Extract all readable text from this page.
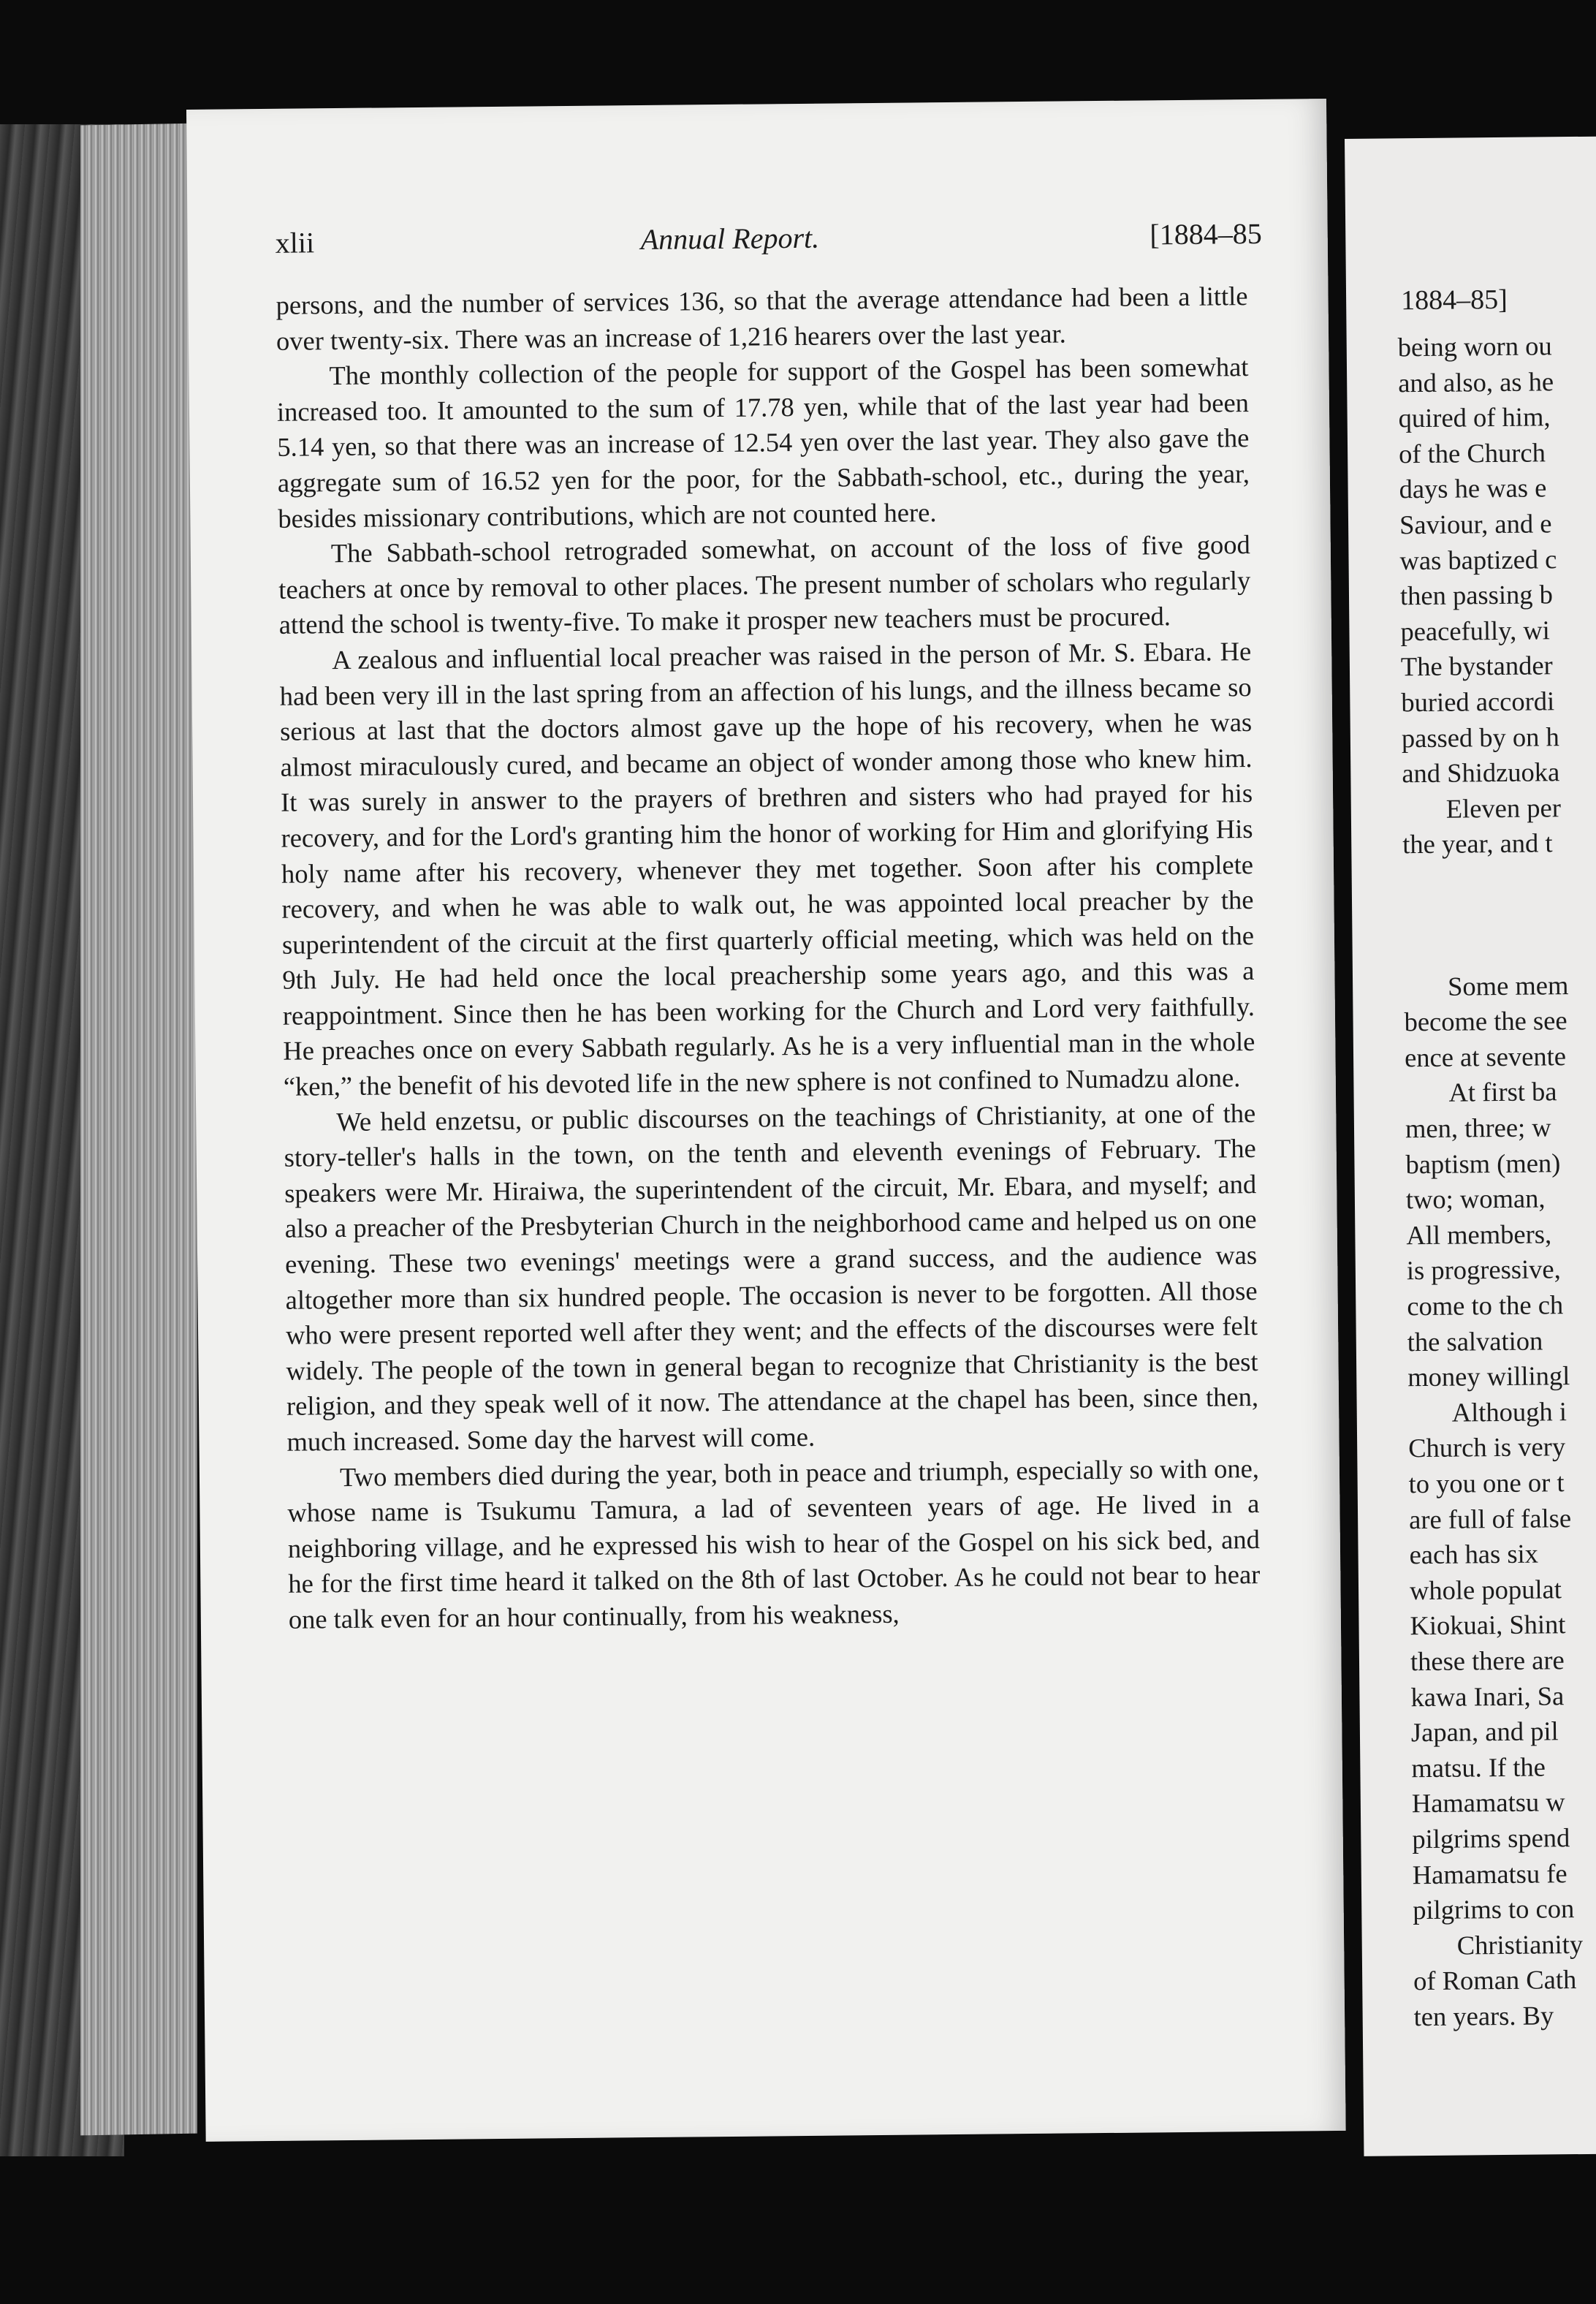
xlii	Annual Report.	[1884–85

persons, and the number of services 136, so that the average attendance had been a little over twenty-six. There was an increase of 1,216 hearers over the last year.

The monthly collection of the people for support of the Gospel has been somewhat increased too. It amounted to the sum of 17.78 yen, while that of the last year had been 5.14 yen, so that there was an increase of 12.54 yen over the last year. They also gave the aggregate sum of 16.52 yen for the poor, for the Sabbath-school, etc., during the year, besides missionary contributions, which are not counted here.

The Sabbath-school retrograded somewhat, on account of the loss of five good teachers at once by removal to other places. The present number of scholars who regularly attend the school is twenty-five. To make it prosper new teachers must be procured.

A zealous and influential local preacher was raised in the person of Mr. S. Ebara. He had been very ill in the last spring from an affection of his lungs, and the illness became so serious at last that the doctors almost gave up the hope of his recovery, when he was almost miraculously cured, and became an object of wonder among those who knew him. It was surely in answer to the prayers of brethren and sisters who had prayed for his recovery, and for the Lord's granting him the honor of working for Him and glorifying His holy name after his recovery, whenever they met together. Soon after his complete recovery, and when he was able to walk out, he was appointed local preacher by the superintendent of the circuit at the first quarterly official meeting, which was held on the 9th July. He had held once the local preachership some years ago, and this was a reappointment. Since then he has been working for the Church and Lord very faithfully. He preaches once on every Sabbath regularly. As he is a very influential man in the whole “ken,” the benefit of his devoted life in the new sphere is not confined to Numadzu alone.

We held enzetsu, or public discourses on the teachings of Christianity, at one of the story-teller's halls in the town, on the tenth and eleventh evenings of February. The speakers were Mr. Hiraiwa, the superintendent of the circuit, Mr. Ebara, and myself; and also a preacher of the Presbyterian Church in the neighborhood came and helped us on one evening. These two evenings' meetings were a grand success, and the audience was altogether more than six hundred people. The occasion is never to be forgotten. All those who were present reported well after they went; and the effects of the discourses were felt widely. The people of the town in general began to recognize that Christianity is the best religion, and they speak well of it now. The attendance at the chapel has been, since then, much increased. Some day the harvest will come.

Two members died during the year, both in peace and triumph, especially so with one, whose name is Tsukumu Tamura, a lad of seventeen years of age. He lived in a neighboring village, and he expressed his wish to hear of the Gospel on his sick bed, and he for the first time heard it talked on the 8th of last October. As he could not bear to hear one talk even for an hour continually, from his weakness,

1884–85]
being worn ou
and also, as he
quired of him,
of the Church
days he was e
Saviour, and e
was baptized c
then passing b
peacefully, wi
The bystander
buried accordi
passed by on h
and Shidzuoka
Eleven per
the year, and t
Some mem
become the see
ence at sevente
At first ba
men, three; w
baptism (men)
two; woman,
All members,
is progressive,
come to the ch
the salvation
money willingl
Although i
Church is very
to you one or t
are full of false
each has six
whole populat
Kiokuai, Shint
these there are
kawa Inari, Sa
Japan, and pil
matsu. If the
Hamamatsu w
pilgrims spend
Hamamatsu fe
pilgrims to con
Christianity
of Roman Cath
ten years. By
